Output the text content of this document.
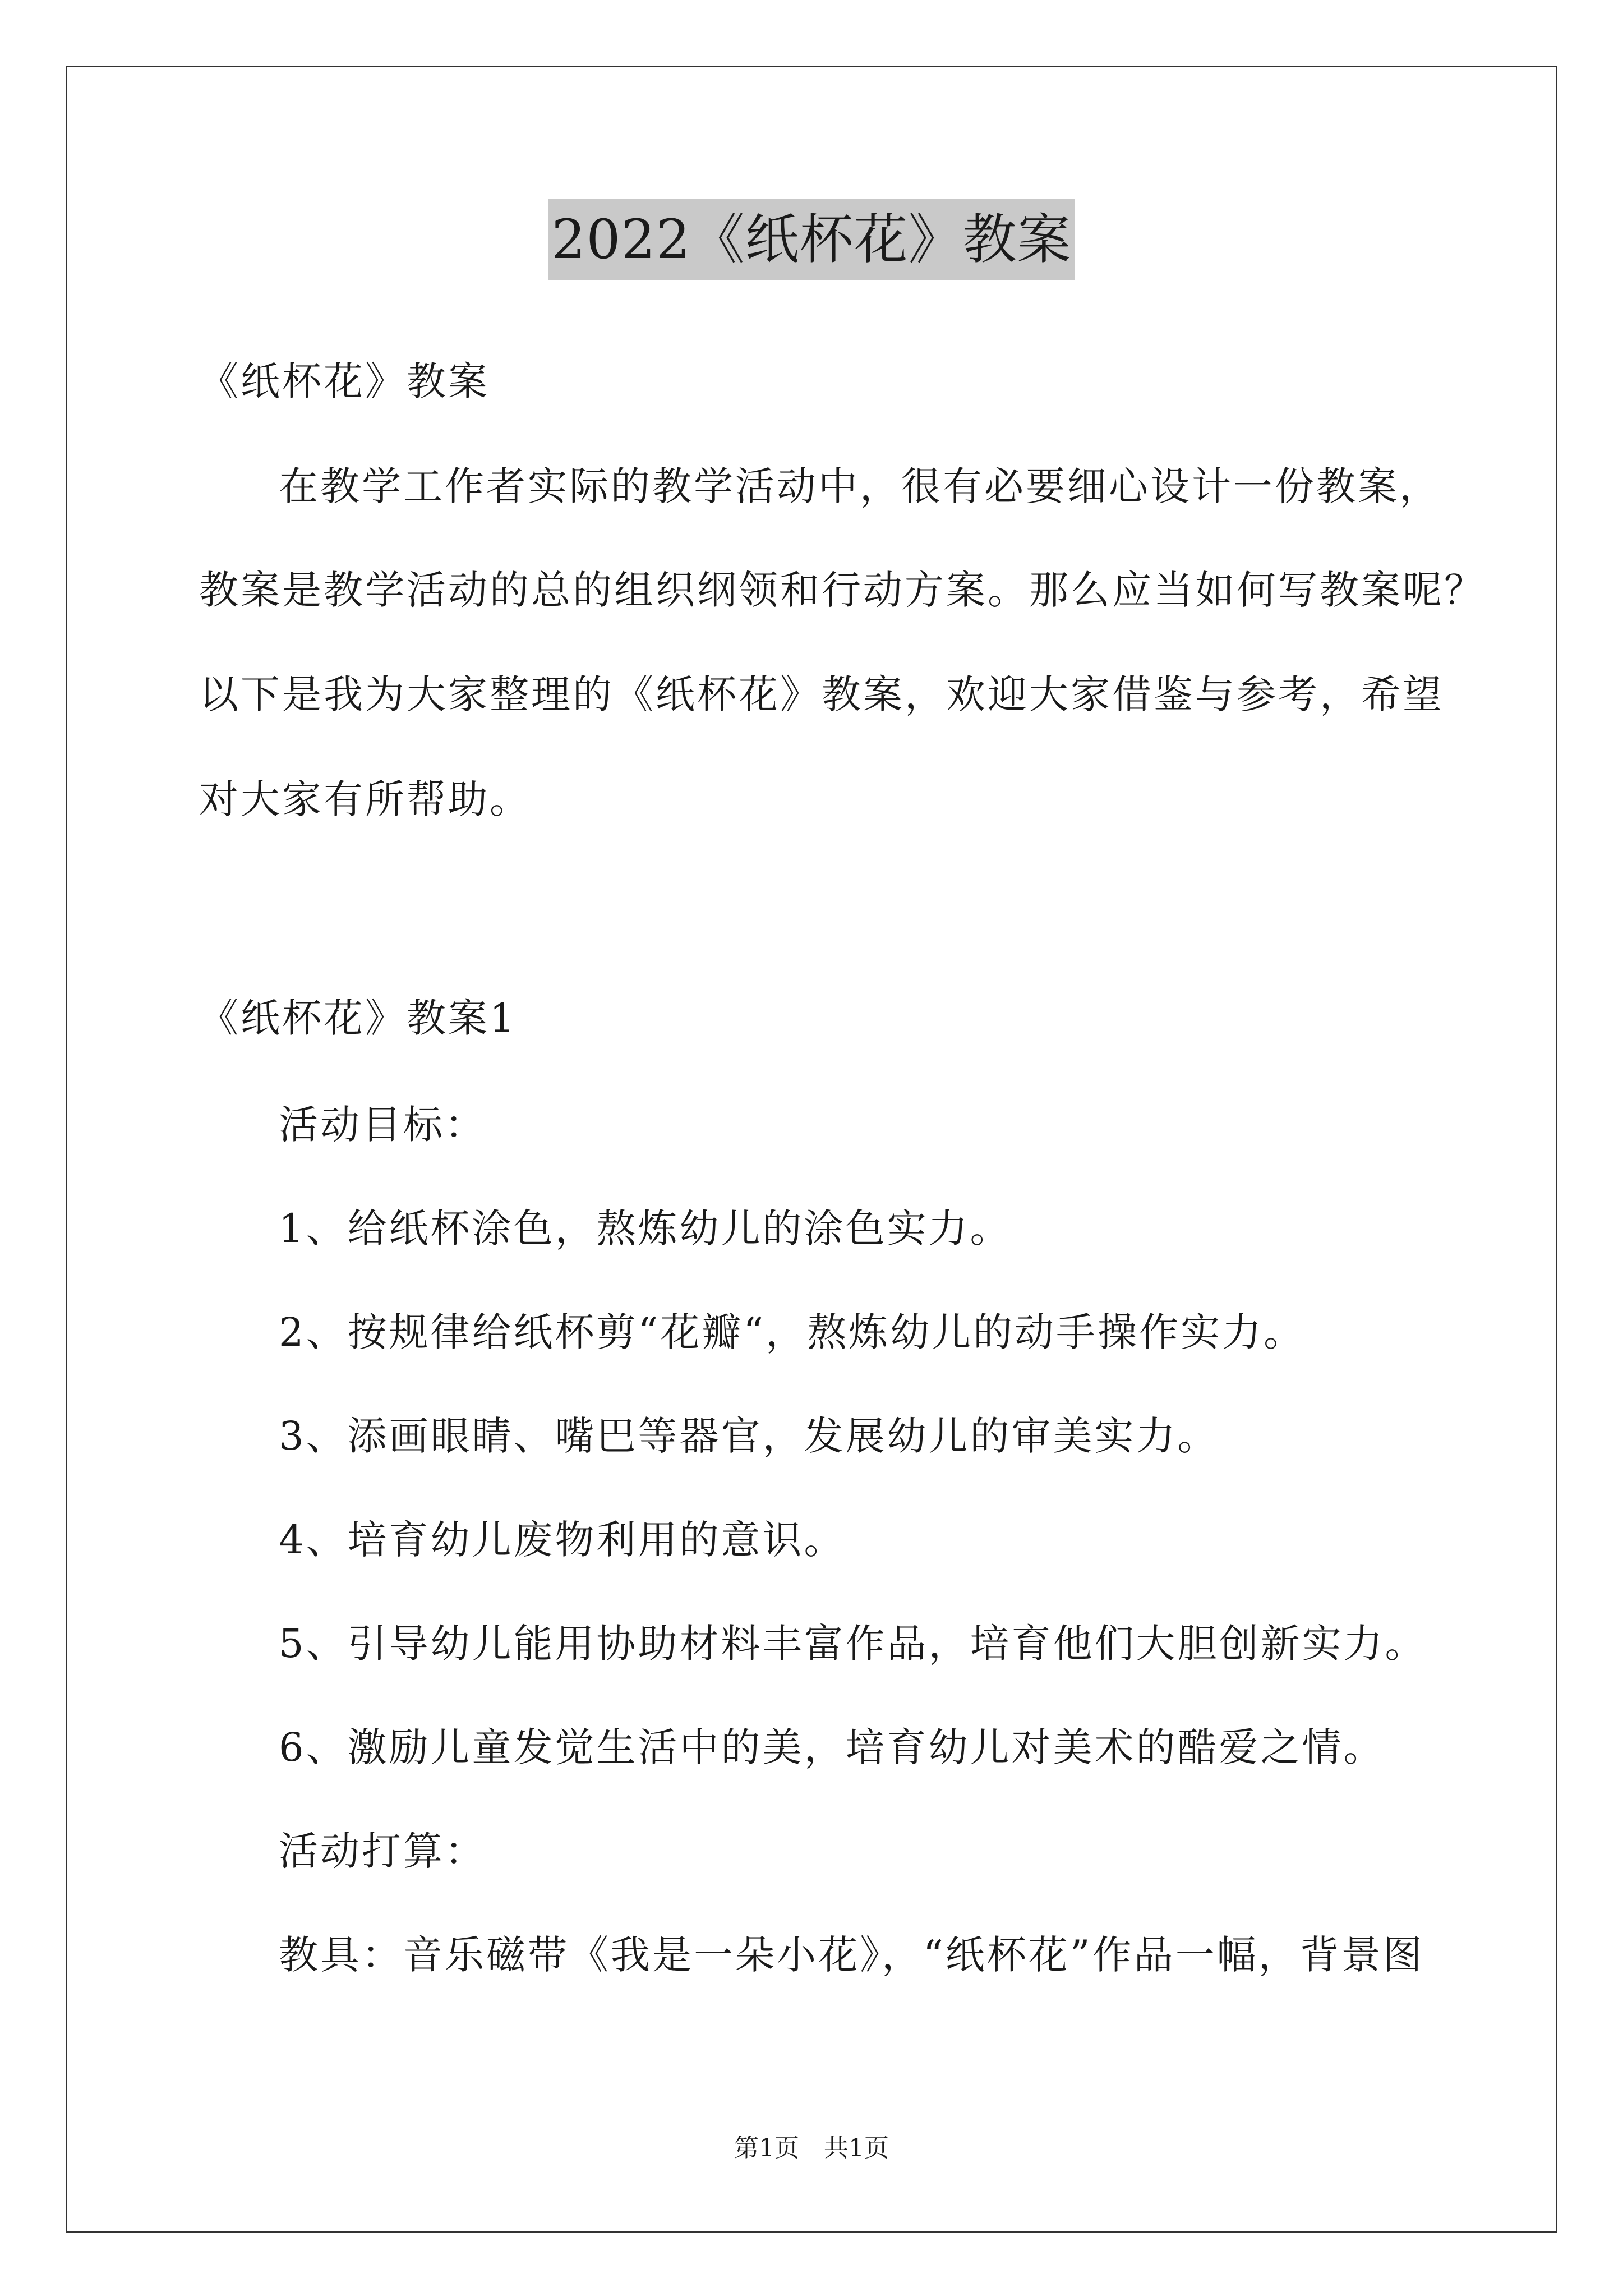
2022《纸杯花》教案
《纸杯花》教案
在教学工作者实际的教学活动中，很有必要细心设计一份教案，
教案是教学活动的总的组织纲领和行动方案。那么应当如何写教案呢？
以下是我为大家整理的《纸杯花》教案，欢迎大家借鉴与参考，希望
对大家有所帮助。
《纸杯花》教案1
活动目标：
1、给纸杯涂色，熬炼幼儿的涂色实力。
2、按规律给纸杯剪“花瓣“，熬炼幼儿的动手操作实力。
3、添画眼睛、嘴巴等器官，发展幼儿的审美实力。
4、培育幼儿废物利用的意识。
5、引导幼儿能用协助材料丰富作品，培育他们大胆创新实力。
6、激励儿童发觉生活中的美，培育幼儿对美术的酷爱之情。
活动打算：
教具：音乐磁带《我是一朵小花》，“纸杯花”作品一幅，背景图
第1页　共1页
